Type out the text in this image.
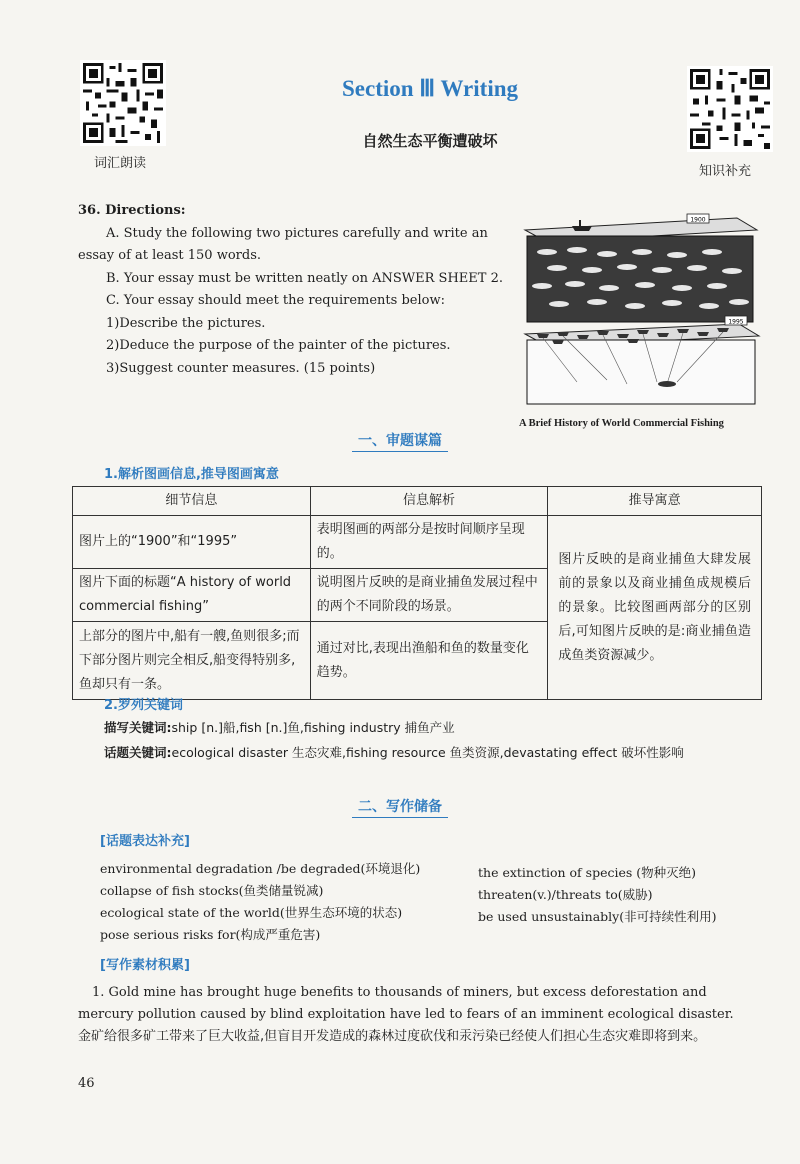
词汇朗读
知识补充
Section Ⅲ Writing
自然生态平衡遭破坏
36. Directions:
A. Study the following two pictures carefully and write an
essay of at least 150 words.
B. Your essay must be written neatly on ANSWER SHEET 2.
C. Your essay should meet the requirements below:
1)Describe the pictures.
2)Deduce the purpose of the painter of the pictures.
3)Suggest counter measures. (15 points)
1900
1995
A Brief History of World Commercial Fishing
一、审题谋篇
1.解析图画信息,推导图画寓意
细节信息	信息解析	推导寓意
图片上的“1900”和“1995”	表明图画的两部分是按时间顺序呈现的。	图片反映的是商业捕鱼大肆发展前的景象以及商业捕鱼成规模后的景象。比较图画两部分的区别后,可知图片反映的是:商业捕鱼造成鱼类资源减少。
图片下面的标题“A history of world commercial fishing”	说明图片反映的是商业捕鱼发展过程中的两个不同阶段的场景。	
上部分的图片中,船有一艘,鱼则很多;而下部分图片则完全相反,船变得特别多,鱼却只有一条。	通过对比,表现出渔船和鱼的数量变化趋势。	
2.罗列关键词
描写关键词:ship [n.]船,fish [n.]鱼,fishing industry 捕鱼产业
话题关键词:ecological disaster 生态灾难,fishing resource 鱼类资源,devastating effect 破坏性影响
二、写作储备
[话题表达补充]
environmental degradation /be degraded(环境退化)
collapse of fish stocks(鱼类储量锐减)
ecological state of the world(世界生态环境的状态)
pose serious risks for(构成严重危害)
the extinction of species (物种灭绝)
threaten(v.)/threats to(威胁)
be used unsustainably(非可持续性利用)
[写作素材积累]
1. Gold mine has brought huge benefits to thousands of miners, but excess deforestation and mercury pollution caused by blind exploitation have led to fears of an imminent ecological disaster.
金矿给很多矿工带来了巨大收益,但盲目开发造成的森林过度砍伐和汞污染已经使人们担心生态灾难即将到来。
46
